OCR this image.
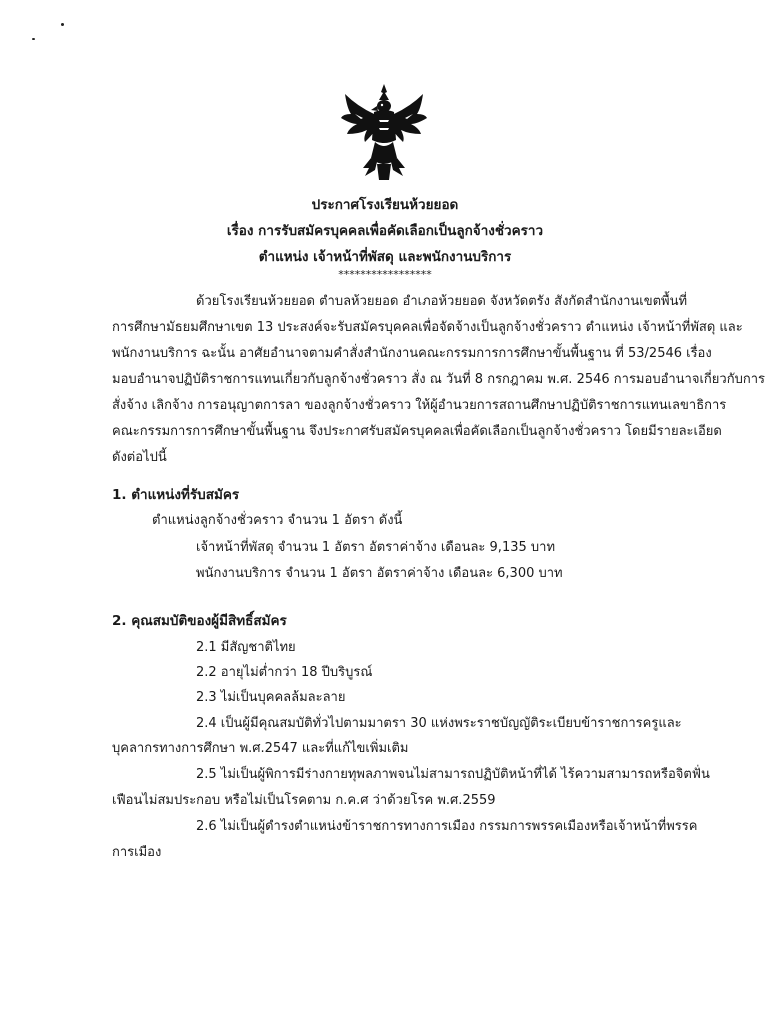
ประกาศโรงเรียนห้วยยอด
เรื่อง การรับสมัครบุคคลเพื่อคัดเลือกเป็นลูกจ้างชั่วคราว
ตำแหน่ง เจ้าหน้าที่พัสดุ และพนักงานบริการ
*****************
ด้วยโรงเรียนห้วยยอด ตำบลห้วยยอด อำเภอห้วยยอด จังหวัดตรัง สังกัดสำนักงานเขตพื้นที่
การศึกษามัธยมศึกษาเขต 13 ประสงค์จะรับสมัครบุคคลเพื่อจัดจ้างเป็นลูกจ้างชั่วคราว ตำแหน่ง เจ้าหน้าที่พัสดุ และ
พนักงานบริการ ฉะนั้น อาศัยอำนาจตามคำสั่งสำนักงานคณะกรรมการการศึกษาขั้นพื้นฐาน ที่ 53/2546 เรื่อง
มอบอำนาจปฏิบัติราชการแทนเกี่ยวกับลูกจ้างชั่วคราว สั่ง ณ วันที่ 8 กรกฎาคม พ.ศ. 2546 การมอบอำนาจเกี่ยวกับการ
สั่งจ้าง เลิกจ้าง การอนุญาตการลา ของลูกจ้างชั่วคราว ให้ผู้อำนวยการสถานศึกษาปฏิบัติราชการแทนเลขาธิการ
คณะกรรมการการศึกษาขั้นพื้นฐาน จึงประกาศรับสมัครบุคคลเพื่อคัดเลือกเป็นลูกจ้างชั่วคราว โดยมีรายละเอียด
ดังต่อไปนี้
1. ตำแหน่งที่รับสมัคร
ตำแหน่งลูกจ้างชั่วคราว จำนวน 1 อัตรา ดังนี้
เจ้าหน้าที่พัสดุ จำนวน 1 อัตรา อัตราค่าจ้าง เดือนละ 9,135 บาท
พนักงานบริการ จำนวน 1 อัตรา อัตราค่าจ้าง เดือนละ 6,300 บาท
2. คุณสมบัติของผู้มีสิทธิ์สมัคร
2.1 มีสัญชาติไทย
2.2 อายุไม่ต่ำกว่า 18 ปีบริบูรณ์
2.3 ไม่เป็นบุคคลล้มละลาย
2.4 เป็นผู้มีคุณสมบัติทั่วไปตามมาตรา 30 แห่งพระราชบัญญัติระเบียบข้าราชการครูและ
บุคลากรทางการศึกษา พ.ศ.2547 และที่แก้ไขเพิ่มเติม
2.5 ไม่เป็นผู้พิการมีร่างกายทุพลภาพจนไม่สามารถปฏิบัติหน้าที่ได้ ไร้ความสามารถหรือจิตฟั่น
เฟือนไม่สมประกอบ หรือไม่เป็นโรคตาม ก.ค.ศ ว่าด้วยโรค พ.ศ.2559
2.6 ไม่เป็นผู้ดำรงตำแหน่งข้าราชการทางการเมือง กรรมการพรรคเมืองหรือเจ้าหน้าที่พรรค
การเมือง
